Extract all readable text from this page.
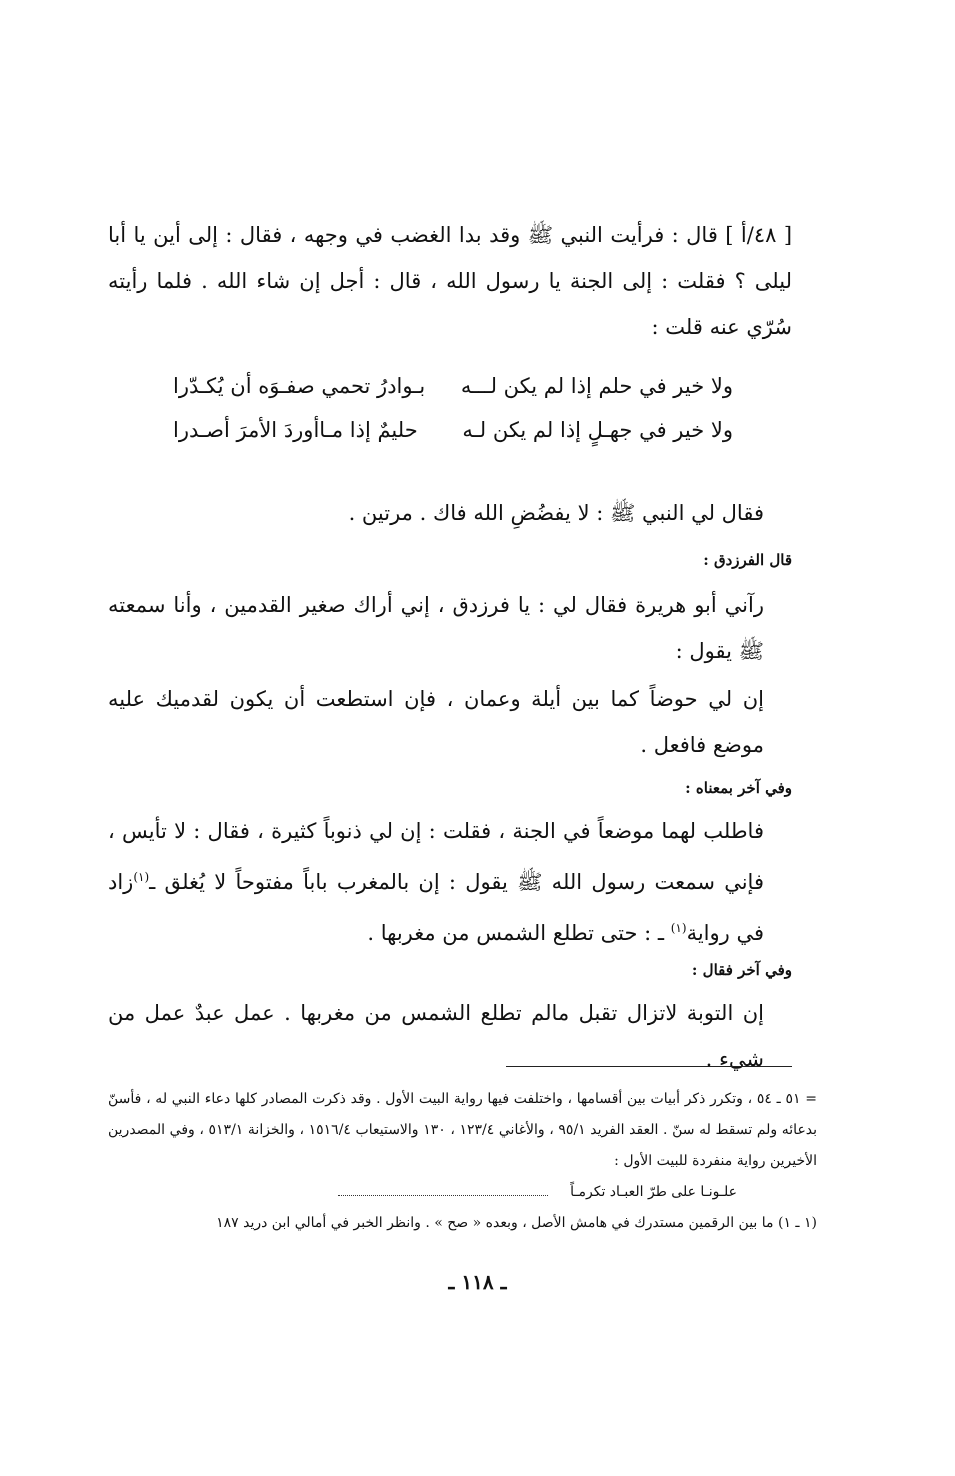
[ ٤٨/أ ] قال : فرأيت النبي ﷺ وقد بدا الغضب في وجهه ، فقال : إلى أين يا أبا ليلى ؟ فقلت : إلى الجنة يا رسول الله ، قال : أجل إن شاء الله . فلما رأيته سُرّي عنه قلت :
ولا خير في حلم إذا لم يكن لـــه
بـوادرُ تحمي صفـوَه أن يُكـدّرا
ولا خير في جهـلٍ إذا لم يكن لـه
حليمٌ إذا مـاأوردَ الأمرَ أصـدرا
فقال لي النبي ﷺ : لا يفضُضِ الله فاك . مرتين .
قال الفرزدق :
رآني أبو هريرة فقال لي : يا فرزدق ، إني أراك صغير القدمين ، وأنا سمعته ﷺ يقول :
إن لي حوضاً كما بين أيلة وعمان ، فإن استطعت أن يكون لقدميك عليه موضع فافعل .
وفي آخر بمعناه :
فاطلب لهما موضعاً في الجنة ، فقلت : إن لي ذنوباً كثيرة ، فقال : لا تأيس ، فإني سمعت رسول الله ﷺ يقول : إن بالمغرب باباً مفتوحاً لا يُغلق ـ$^{(١)}$زاد في رواية$^{(١)}$ ـ : حتى تطلع الشمس من مغربها .
وفي آخر فقال :
إن التوبة لاتزال تقبل مالم تطلع الشمس من مغربها . عمل عبدٌ عمل من شيء .
= ٥١ ـ ٥٤ ، وتكرر ذكر أبيات بين أقسامها ، واختلفت فيها رواية البيت الأول . وقد ذكرت المصادر كلها دعاء النبي له ، فأسنّ بدعائه ولم تسقط له سنّ . العقد الفريد ٩٥/١ ، والأغاني ١٢٣/٤ ، ١٣٠ والاستيعاب ١٥١٦/٤ ، والخزانة ٥١٣/١ ، وفي المصدرين الأخيرين رواية منفردة للبيت الأول :
علـونـا على طرّ العبـاد تكرمـاً
(١ ـ ١) ما بين الرقمين مستدرك في هامش الأصل ، وبعده « صح » . وانظر الخبر في أمالي ابن دريد ١٨٧
ـ ١١٨ ـ
